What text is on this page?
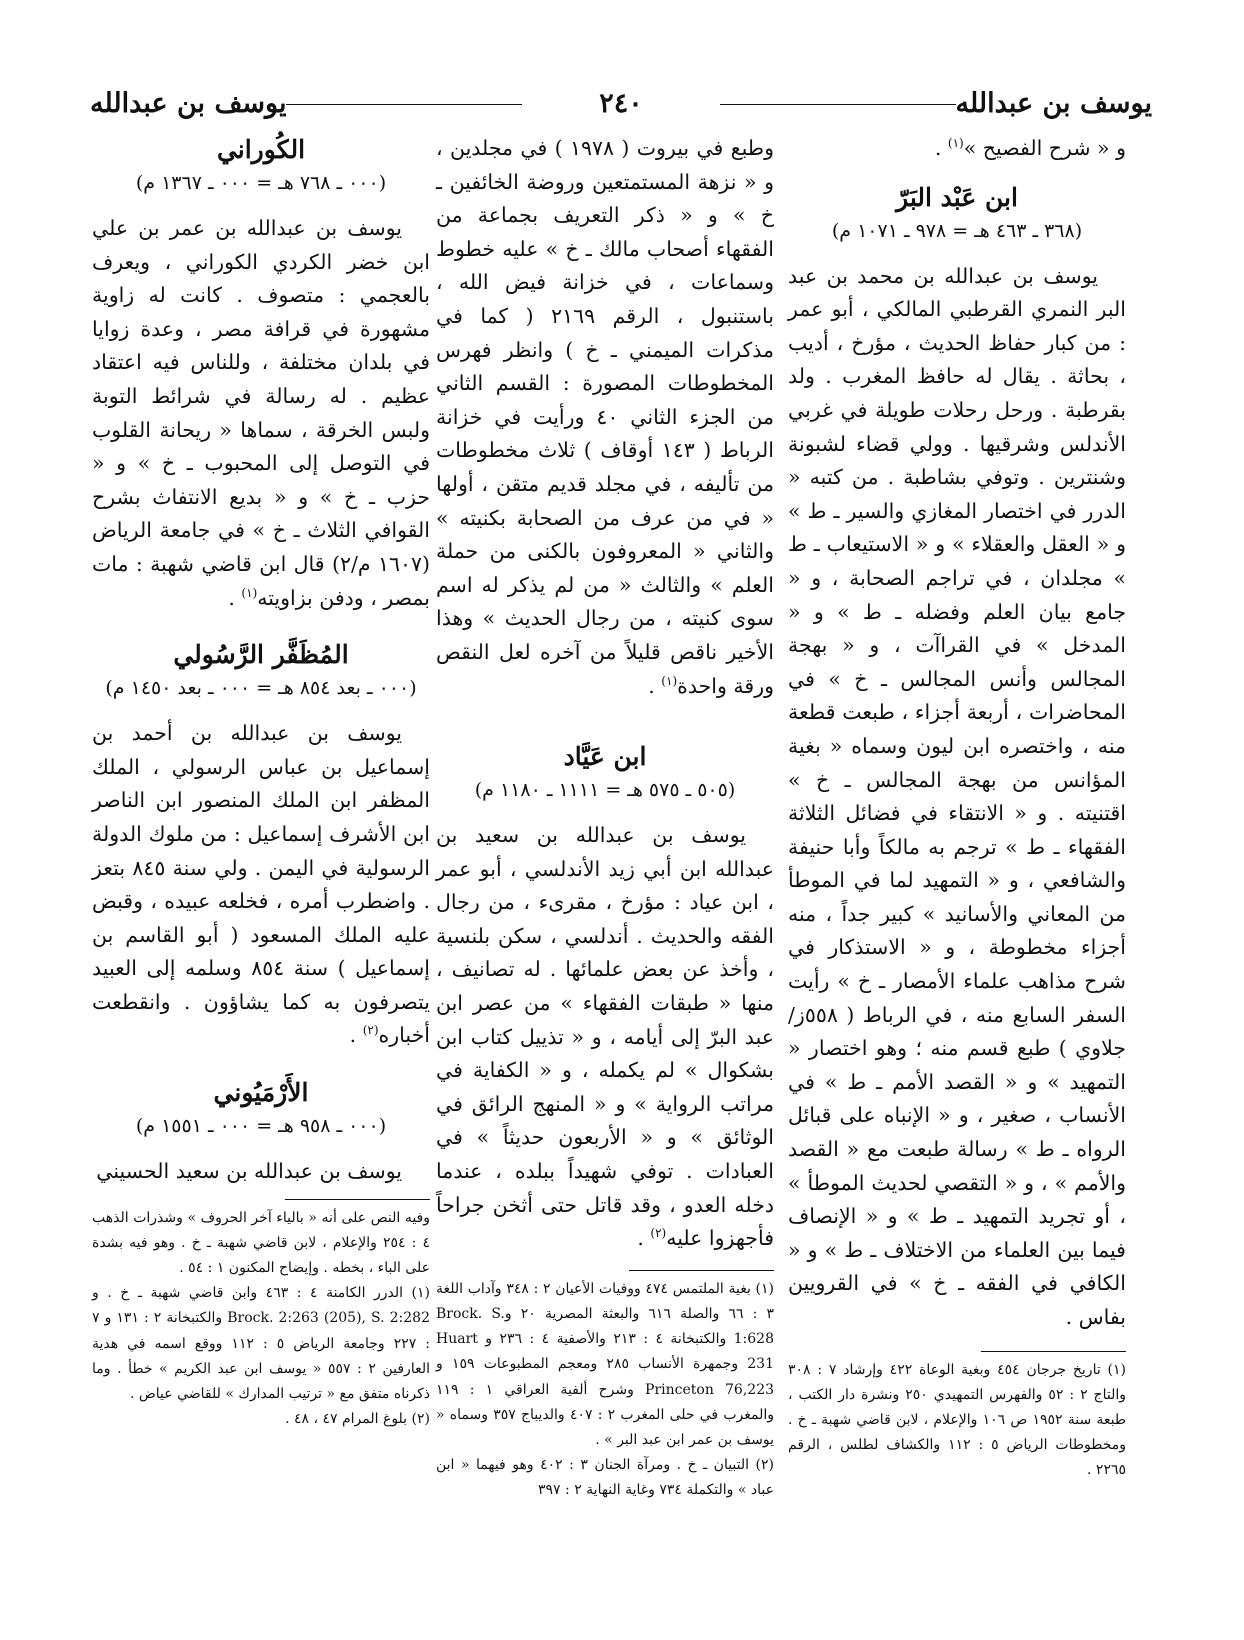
يوسف بن عبدالله
٢٤٠
يوسف بن عبدالله

و « شرح الفصيح »$^{(١)}$ .

ابن عَبْد البَرّ
(٣٦٨ ـ ٤٦٣ هـ = ٩٧٨ ـ ١٠٧١ م)

يوسف بن عبدالله بن محمد بن عبد البر النمري القرطبي المالكي ، أبو عمر : من كبار حفاظ الحديث ، مؤرخ ، أديب ، بحاثة . يقال له حافظ المغرب . ولد بقرطبة . ورحل رحلات طويلة في غربي الأندلس وشرقيها . وولي قضاء لشبونة وشنترين . وتوفي بشاطبة . من كتبه « الدرر في اختصار المغازي والسير ـ ط » و « العقل والعقلاء » و « الاستيعاب ـ ط » مجلدان ، في تراجم الصحابة ، و « جامع بيان العلم وفضله ـ ط » و « المدخل » في القراآت ، و « بهجة المجالس وأنس المجالس ـ خ » في المحاضرات ، أربعة أجزاء ، طبعت قطعة منه ، واختصره ابن ليون وسماه « بغية المؤانس من بهجة المجالس ـ خ » اقتنيته . و « الانتقاء في فضائل الثلاثة الفقهاء ـ ط » ترجم به مالكاً وأبا حنيفة والشافعي ، و « التمهيد لما في الموطأ من المعاني والأسانيد » كبير جداً ، منه أجزاء مخطوطة ، و « الاستذكار في شرح مذاهب علماء الأمصار ـ خ » رأيت السفر السابع منه ، في الرباط ( ٥٥٨ز/جلاوي ) طبع قسم منه ؛ وهو اختصار « التمهيد » و « القصد الأمم ـ ط » في الأنساب ، صغير ، و « الإنباه على قبائل الرواه ـ ط » رسالة طبعت مع « القصد والأمم » ، و « التقصي لحديث الموطأ » ، أو تجريد التمهيد ـ ط » و « الإنصاف فيما بين العلماء من الاختلاف ـ ط » و « الكافي في الفقه ـ خ » في القرويين بفاس .

(١) تاريخ جرجان ٤٥٤ وبغية الوعاة ٤٢٢ وإرشاد ٧ : ٣٠٨ والتاج ٢ : ٥٢ والفهرس التمهيدي ٢٥٠ ونشرة دار الكتب ، طبعة سنة ١٩٥٢ ص ١٠٦ والإعلام ، لابن قاضي شهبة ـ خ . ومخطوطات الرياض ٥ : ١١٢ والكشاف لطلس ، الرقم ٢٢٦٥ .

وطبع في بيروت ( ١٩٧٨ ) في مجلدين ، و « نزهة المستمتعين وروضة الخائفين ـ خ » و « ذكر التعريف بجماعة من الفقهاء أصحاب مالك ـ خ » عليه خطوط وسماعات ، في خزانة فيض الله ، باستنبول ، الرقم ٢١٦٩ ( كما في مذكرات الميمني ـ خ ) وانظر فهرس المخطوطات المصورة : القسم الثاني من الجزء الثاني ٤٠ ورأيت في خزانة الرباط ( ١٤٣ أوقاف ) ثلاث مخطوطات من تأليفه ، في مجلد قديم متقن ، أولها « في من عرف من الصحابة بكنيته » والثاني « المعروفون بالكنى من حملة العلم » والثالث « من لم يذكر له اسم سوى كنيته ، من رجال الحديث » وهذا الأخير ناقص قليلاً من آخره لعل النقص ورقة واحدة$^{(١)}$ .

ابن عَيَّاد
(٥٠٥ ـ ٥٧٥ هـ = ١١١١ ـ ١١٨٠ م)

يوسف بن عبدالله بن سعيد بن عبدالله ابن أبي زيد الأندلسي ، أبو عمر ، ابن عياد : مؤرخ ، مقرىء ، من رجال الفقه والحديث . أندلسي ، سكن بلنسية ، وأخذ عن بعض علمائها . له تصانيف ، منها « طبقات الفقهاء » من عصر ابن عبد البرّ إلى أيامه ، و « تذييل كتاب ابن بشكوال » لم يكمله ، و « الكفاية في مراتب الرواية » و « المنهج الرائق في الوثائق » و « الأربعون حديثاً » في العبادات . توفي شهيداً ببلده ، عندما دخله العدو ، وقد قاتل حتى أثخن جراحاً فأجهزوا عليه$^{(٢)}$ .

(١) بغية الملتمس ٤٧٤ ووفيات الأعيان ٢ : ٣٤٨ وآداب اللغة ٣ : ٦٦ والصلة ٦١٦ والبعثة المصرية ٢٠ وBrock. S. 1:628 والكتبخانة ٤ : ٢١٣ والأصفية ٤ : ٢٣٦ و Huart 231 وجمهرة الأنساب ٢٨٥ ومعجم المطبوعات ١٥٩ و Princeton 76,223 وشرح ألفية العراقي ١ : ١١٩ والمغرب في حلى المغرب ٢ : ٤٠٧ والديباج ٣٥٧ وسماه « يوسف بن عمر ابن عبد البر » .

(٢) التبيان ـ خ . ومرآة الجنان ٣ : ٤٠٢ وهو فيهما « ابن عباد » والتكملة ٧٣٤ وغاية النهاية ٢ : ٣٩٧

الكُوراني
(٠٠٠ ـ ٧٦٨ هـ = ٠٠٠ ـ ١٣٦٧ م)

يوسف بن عبدالله بن عمر بن علي ابن خضر الكردي الكوراني ، ويعرف بالعجمي : متصوف . كانت له زاوية مشهورة في قرافة مصر ، وعدة زوايا في بلدان مختلفة ، وللناس فيه اعتقاد عظيم . له رسالة في شرائط التوبة ولبس الخرقة ، سماها « ريحانة القلوب في التوصل إلى المحبوب ـ خ » و « حزب ـ خ » و « بديع الانتفاث بشرح القوافي الثلاث ـ خ » في جامعة الرياض (١٦٠٧ م/٢) قال ابن قاضي شهبة : مات بمصر ، ودفن بزاويته$^{(١)}$ .

المُظَفَّر الرَّسُولي
(٠٠٠ ـ بعد ٨٥٤ هـ = ٠٠٠ ـ بعد ١٤٥٠ م)

يوسف بن عبدالله بن أحمد بن إسماعيل بن عباس الرسولي ، الملك المظفر ابن الملك المنصور ابن الناصر ابن الأشرف إسماعيل : من ملوك الدولة الرسولية في اليمن . ولي سنة ٨٤٥ بتعز . واضطرب أمره ، فخلعه عبيده ، وقبض عليه الملك المسعود ( أبو القاسم بن إسماعيل ) سنة ٨٥٤ وسلمه إلى العبيد يتصرفون به كما يشاؤون . وانقطعت أخباره$^{(٢)}$ .

الأَرْمَيُوني
(٠٠٠ ـ ٩٥٨ هـ = ٠٠٠ ـ ١٥٥١ م)

يوسف بن عبدالله بن سعيد الحسيني

وفيه النص على أنه « بالياء آخر الحروف » وشذرات الذهب ٤ : ٢٥٤ والإعلام ، لابن قاضي شهبة ـ خ . وهو فيه بشدة على الباء ، بخطه . وإيضاح المكنون ١ : ٥٤ .

(١) الدرر الكامنة ٤ : ٤٦٣ وابن قاضي شهبة ـ خ . و Brock. 2:263 (205), S. 2:282 والكتبخانة ٢ : ١٣١ و ٧ : ٢٢٧ وجامعة الرياض ٥ : ١١٢ ووقع اسمه في هدية العارفين ٢ : ٥٥٧ « يوسف ابن عبد الكريم » خطأ . وما ذكرناه متفق مع « ترتيب المدارك » للقاضي عياض .

(٢) بلوغ المرام ٤٧ ، ٤٨ .
